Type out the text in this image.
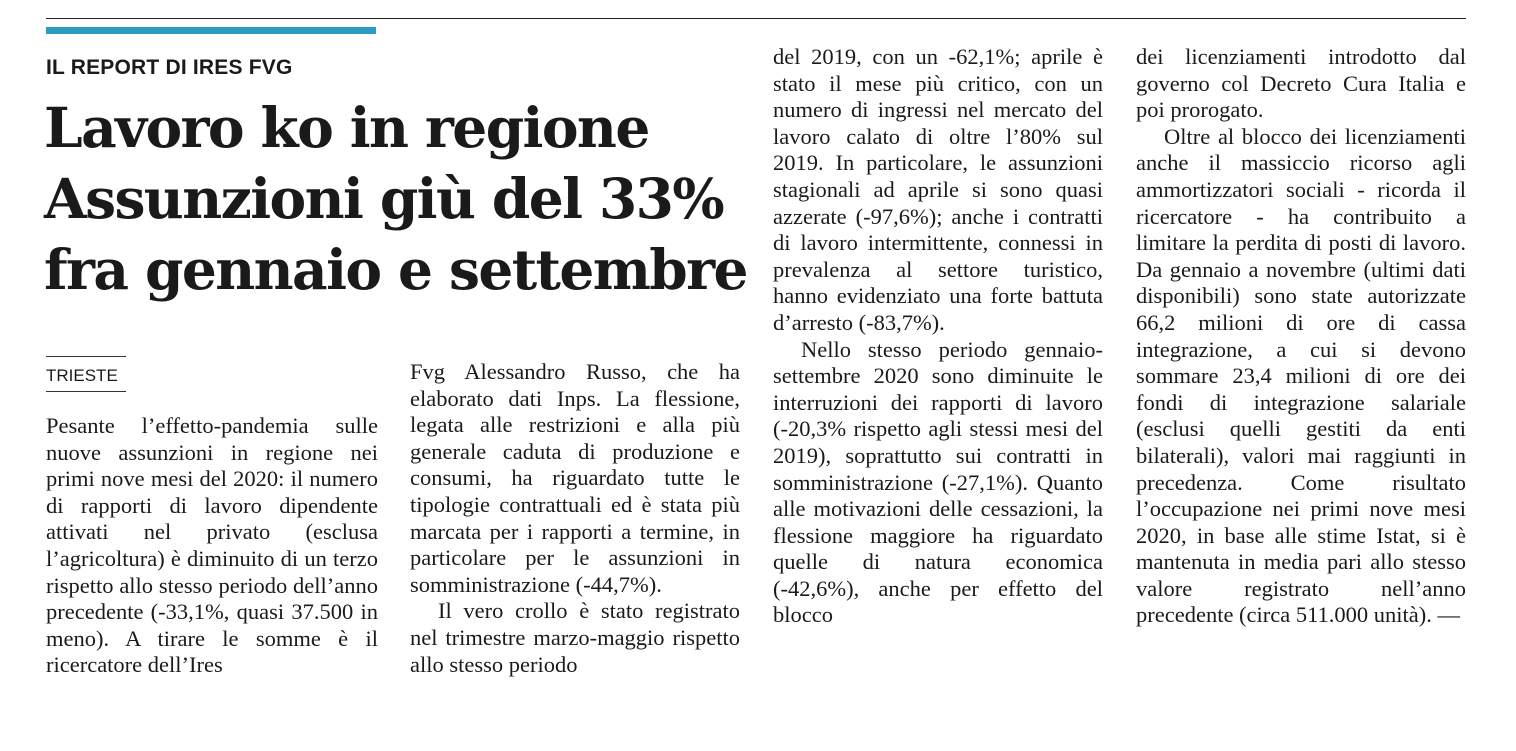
IL REPORT DI IRES FVG
Lavoro ko in regione
Assunzioni giù del 33%
fra gennaio e settembre
TRIESTE

Pesante l’effetto-pandemia sulle nuove assunzioni in regione nei primi nove mesi del 2020: il numero di rapporti di lavoro dipendente attivati nel privato (esclusa l’agricoltura) è diminuito di un terzo rispetto allo stesso periodo dell’anno precedente (-33,1%, quasi 37.500 in meno). A tirare le somme è il ricercatore dell’Ires

Fvg Alessandro Russo, che ha elaborato dati Inps. La flessione, legata alle restrizioni e alla più generale caduta di produzione e consumi, ha riguardato tutte le tipologie contrattuali ed è stata più marcata per i rapporti a termine, in particolare per le assunzioni in somministrazione (-44,7%).

Il vero crollo è stato registrato nel trimestre marzo-maggio rispetto allo stesso periodo

del 2019, con un -62,1%; aprile è stato il mese più critico, con un numero di ingressi nel mercato del lavoro calato di oltre l’80% sul 2019. In particolare, le assunzioni stagionali ad aprile si sono quasi azzerate (-97,6%); anche i contratti di lavoro intermittente, connessi in prevalenza al settore turistico, hanno evidenziato una forte battuta d’arresto (-83,7%).

Nello stesso periodo gennaio-settembre 2020 sono diminuite le interruzioni dei rapporti di lavoro (-20,3% rispetto agli stessi mesi del 2019), soprattutto sui contratti in somministrazione (-27,1%). Quanto alle motivazioni delle cessazioni, la flessione maggiore ha riguardato quelle di natura economica (-42,6%), anche per effetto del blocco

dei licenziamenti introdotto dal governo col Decreto Cura Italia e poi prorogato.

Oltre al blocco dei licenziamenti anche il massiccio ricorso agli ammortizzatori sociali - ricorda il ricercatore - ha contribuito a limitare la perdita di posti di lavoro. Da gennaio a novembre (ultimi dati disponibili) sono state autorizzate 66,2 milioni di ore di cassa integrazione, a cui si devono sommare 23,4 milioni di ore dei fondi di integrazione salariale (esclusi quelli gestiti da enti bilaterali), valori mai raggiunti in precedenza. Come risultato l’occupazione nei primi nove mesi 2020, in base alle stime Istat, si è mantenuta in media pari allo stesso valore registrato nell’anno precedente (circa 511.000 unità). —
